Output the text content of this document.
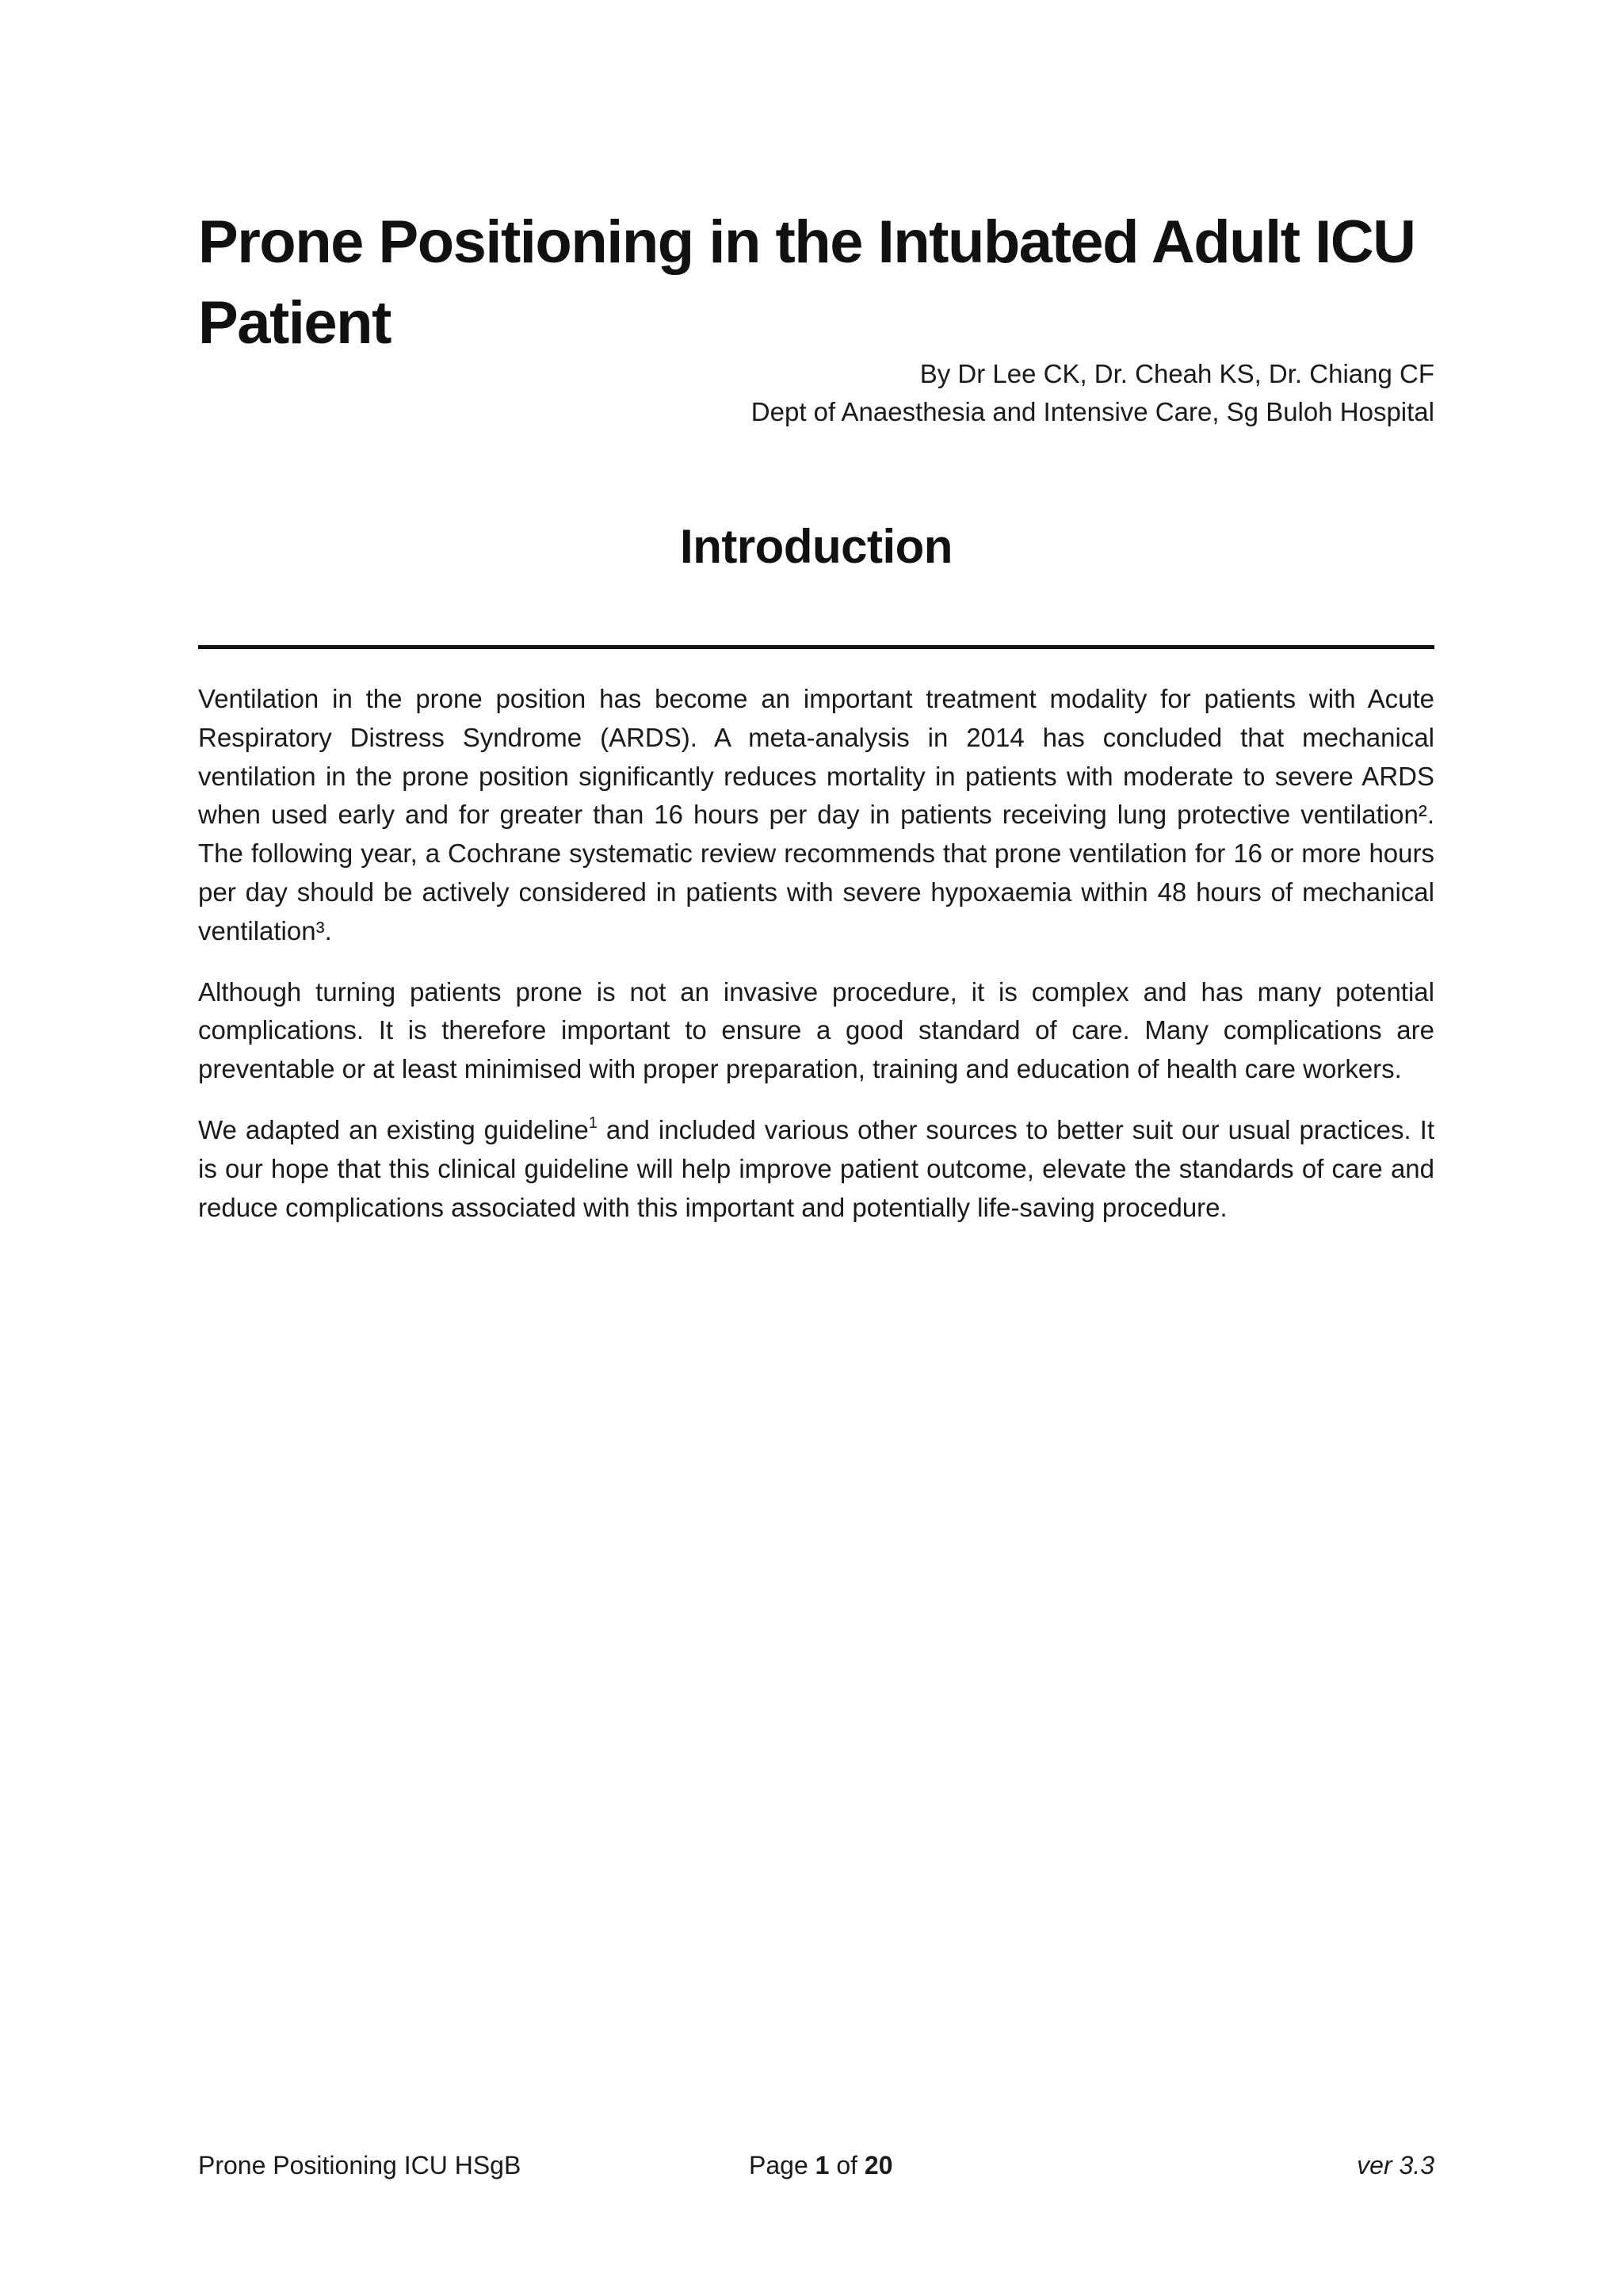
Prone Positioning in the Intubated Adult ICU Patient
By Dr Lee CK, Dr. Cheah KS, Dr. Chiang CF
Dept of Anaesthesia and Intensive Care, Sg Buloh Hospital
Introduction

Ventilation in the prone position has become an important treatment modality for patients with Acute Respiratory Distress Syndrome (ARDS). A meta-analysis in 2014 has concluded that mechanical ventilation in the prone position significantly reduces mortality in patients with moderate to severe ARDS when used early and for greater than 16 hours per day in patients receiving lung protective ventilation². The following year, a Cochrane systematic review recommends that prone ventilation for 16 or more hours per day should be actively considered in patients with severe hypoxaemia within 48 hours of mechanical ventilation³.

Although turning patients prone is not an invasive procedure, it is complex and has many potential complications. It is therefore important to ensure a good standard of care. Many complications are preventable or at least minimised with proper preparation, training and education of health care workers.

We adapted an existing guideline$^1$ and included various other sources to better suit our usual practices. It is our hope that this clinical guideline will help improve patient outcome, elevate the standards of care and reduce complications associated with this important and potentially life-saving procedure.

Prone Positioning ICU HSgB	Page 1 of 20	ver 3.3
